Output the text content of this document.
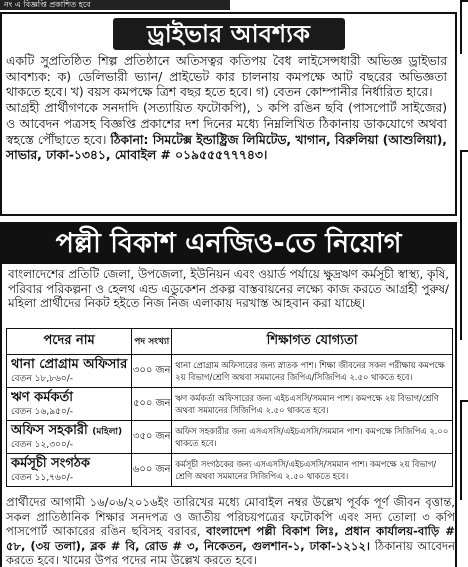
নং এ বিজ্ঞপ্তি প্রকাশিত হবে
ড্রাইভার আবশ্যক
একটি সুপ্রতিষ্ঠিত শিল্প প্রতিষ্ঠানে অতিসত্বর কতিপয় বৈধ লাইসেন্সধারী অভিজ্ঞ ড্রাইভার আবশ্যক: ক) ডেলিভারী ভ্যান/ প্রাইভেট কার চালনায় কমপক্ষে আট বছরের অভিজ্ঞতা থাকতে হবে। খ) বয়স কমপক্ষে ত্রিশ বছর হতে হবে। গ) বেতন কোম্পানীর নির্ধারিত হারে।
আগ্রহী প্রার্থীগণকে সনদাদি (সত্যায়িত ফটোকপি), ১ কপি রঙিন ছবি (পাসপোর্ট সাইজের) ও আবেদন পত্রসহ বিজ্ঞপ্তি প্রকাশের দশ দিনের মধ্যে নিম্নলিখিত ঠিকানায় ডাকযোগে অথবা স্বহস্তে পৌঁছাতে হবে। ঠিকানা: সিমটেক্স ইন্ডাষ্ট্রিজ লিমিটেড, খাগান, বিরুলিয়া (আশুলিয়া), সাভার, ঢাকা-১৩৪১, মোবাইল # ০১৯৫৫৫৭৭৭৪৩।
পল্লী বিকাশ এনজিও-তে নিয়োগ
বাংলাদেশের প্রতিটি জেলা, উপজেলা, ইউনিয়ন এবং ওয়ার্ড পর্যায়ে ক্ষুদ্রঋণ কর্মসূচী স্বাস্থ্য, কৃষি, পরিবার পরিকল্পনা ও হেলথ এন্ড এডুকেশন প্রকল্প বাস্তবায়নের লক্ষ্যে কাজ করতে আগ্রহী পুরুষ/মহিলা প্রার্থীদের নিকট হইতে নিজ নিজ এলাকায় দরখাস্ত আহবান করা যাচ্ছে।
পদের নাম	পদ সংখ্যা	শিক্ষাগত যোগ্যতা

থানা প্রোগ্রাম অফিসার
বেতন ১৮,৮৬০/-	৩০০ জন	থানা প্রোগ্রাম অফিসারের জন্য স্নাতক পাশ। শিক্ষা জীবনের সকল পরীক্ষায় কমপক্ষে ২য় বিভাগ/শ্রেণি অথবা সমমানের জিপিএ/সিজিপিএ ২.৫০ থাকতে হবে।

ঋণ কর্মকর্তা
বেতন ১৬,৯৫০/-	৫০০ জন	ঋণ কর্মকর্তা অফিসারের জন্য এইচএসসি/সমমান পাশ। কমপক্ষে ২য় বিভাগ/শ্রেণি অথবা সমমানের সিজিপিএ ২.৫০ থাকতে হবে।

অফিস সহকারী (মহিলা)
বেতন ১২,৩০০/-	৩৫০ জন	অফিস সহকারীর জন্য এসএসসি/এইচএসসি/সমমান পাশ। কমপক্ষে সিজিপিএ ২.০০ থাকতে হবে।

কর্মসূচী সংগঠক
বেতন ১১,৭৬০/-	৬০০ জন	কর্মসূচী সংগঠকের জন্য এসএসসি/এইচএসসি/সমমান পাশ। কমপক্ষে ২য় বিভাগ/শ্রেণি অথবা সমমানের সিজিপিএ ২.৫০ থাকতে হবে।
প্রার্থীদের আগামী ১৬/০৬/২০১৬ইং তারিখের মধ্যে মোবাইল নম্বর উল্লেখ পূর্বক পূর্ণ জীবন বৃত্তান্ত, সকল প্রাতিষ্ঠানিক শিক্ষার সনদপত্র ও জাতীয় পরিচয়পত্রের ফটোকপি এবং সদ্য তোলা ৩ কপি পাসপোর্ট আকারের রঙিন ছবিসহ বরাবর, বাংলাদেশ পল্লী বিকাশ লিঃ, প্রধান কার্যালয়-বাড়ি # ৫৮, (৩য় তলা), ব্লক # বি, রোড # ৩, নিকেতন, গুলশান-১, ঢাকা-১২১২। ঠিকানায় আবেদন করতে হবে। খামের উপর পদের নাম উল্লেখ করতে হবে।
